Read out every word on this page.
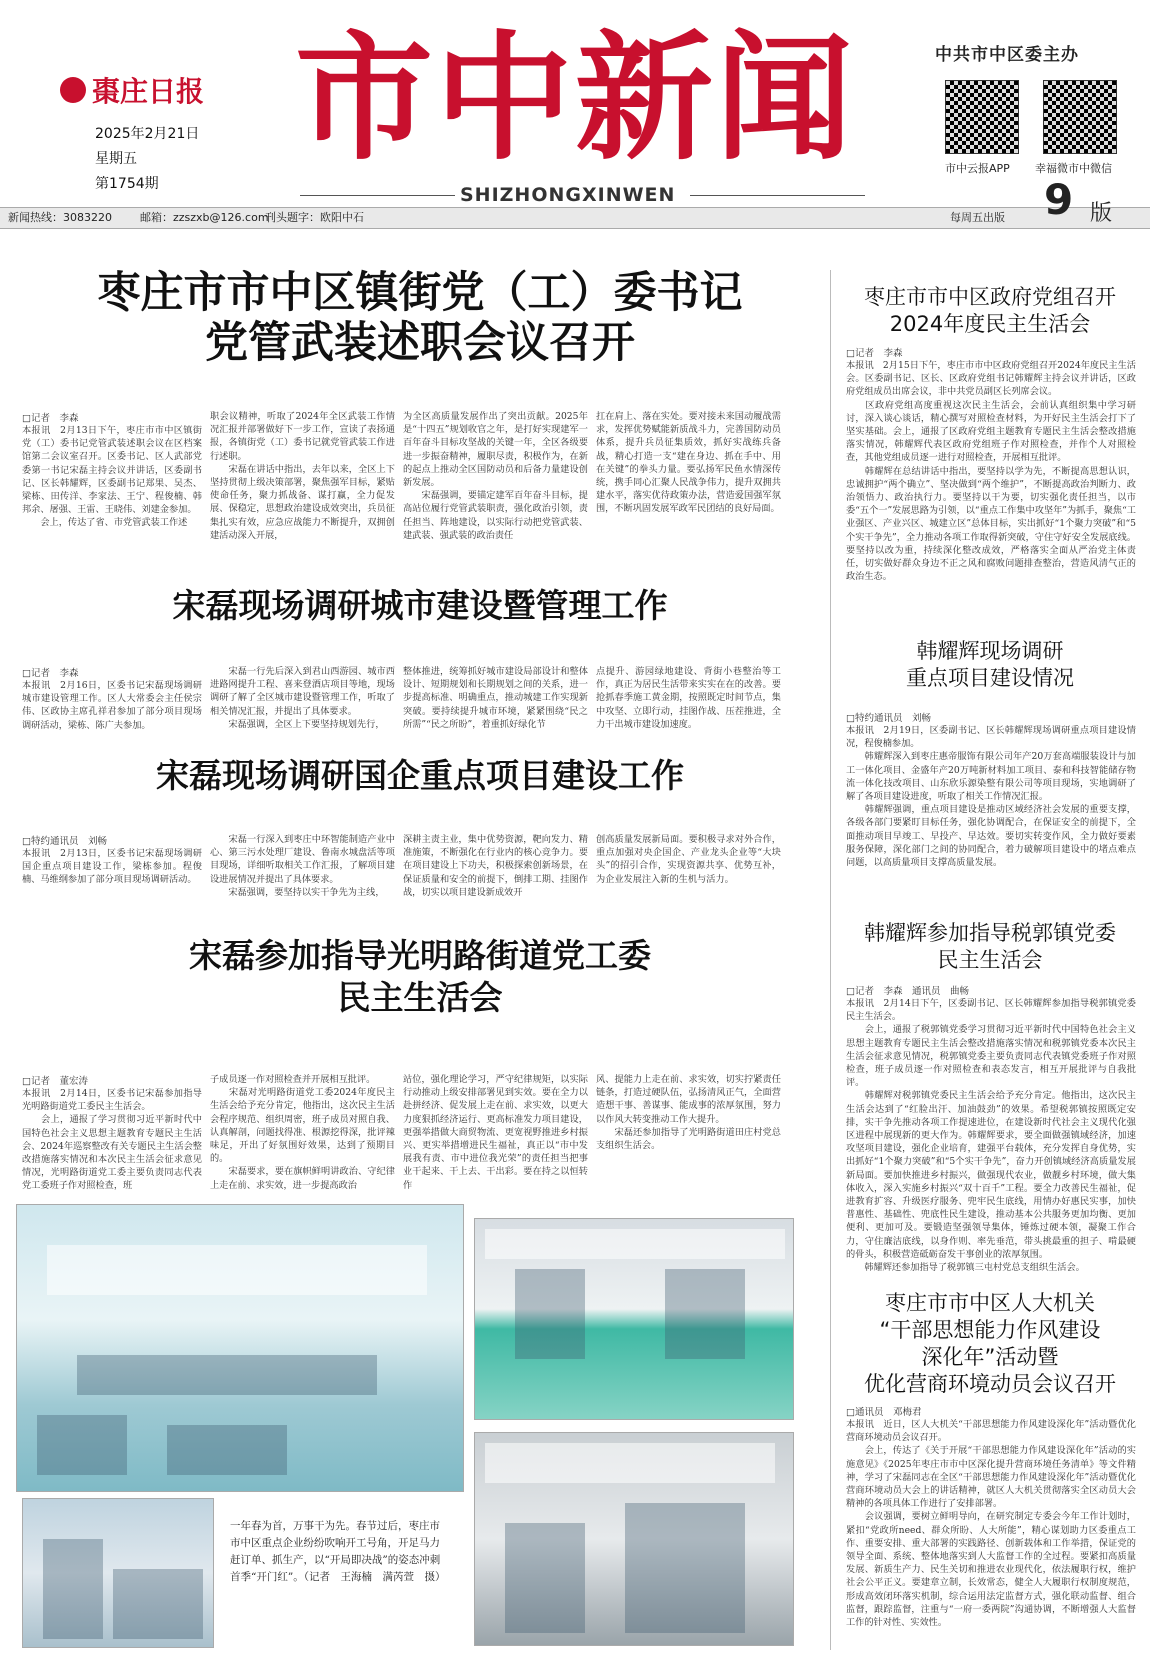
棗庄日报
2025年2月21日
星期五
第1754期
市中新闻
SHIZHONGXINWEN
中共市中区委主办
市中云报APP 幸福微市中微信
新闻热线：3083220	邮箱：zzszxb@126.com
刊头题字：欧阳中石	每周五出版 9 版
枣庄市市中区镇街党（工）委书记
党管武装述职会议召开
□记者　李森
本报讯　2月13日下午，枣庄市市中区镇街党（工）委书记党管武装述职会议在区档案馆第二会议室召开。区委书记、区人武部党委第一书记宋磊主持会议并讲话，区委副书记、区长韩耀辉，区委副书记郑果、吴杰、梁栋、田传洋、李家法、王宁、程俊楠、韩邦余、屠强、王雷、王晓伟、刘建金参加。
　　会上，传达了省、市党管武装工作述
职会议精神，听取了2024年全区武装工作情况汇报并部署做好下一步工作，宣读了表扬通报，各镇街党（工）委书记就党管武装工作进行述职。
　　宋磊在讲话中指出，去年以来，全区上下坚持贯彻上级决策部署，聚焦强军目标，紧贴使命任务，聚力抓战备、谋打赢，全力促发展、保稳定，思想政治建设成效突出，兵员征集扎实有效，应急应战能力不断提升，双拥创建活动深入开展，
为全区高质量发展作出了突出贡献。2025年是“十四五”规划收官之年，是打好实现建军一百年奋斗目标攻坚战的关键一年，全区各级要进一步振奋精神，履职尽责，积极作为，在新的起点上推动全区国防动员和后备力量建设创新发展。
　　宋磊强调，要锚定建军百年奋斗目标，提高站位履行党管武装职责，强化政治引领，责任担当、阵地建设，以实际行动把党管武装、建武装、强武装的政治责任
扛在肩上、落在实处。要对接未来国动履战需求，发挥优势赋能新质战斗力，完善国防动员体系，提升兵员征集质效，抓好实战练兵备战，精心打造一支“建在身边、抓在手中、用在关键”的拳头力量。要弘扬军民鱼水情深传统，携手同心汇聚人民战争伟力，提升双拥共建水平，落实优待政策办法，营造爱国强军氛围，不断巩固发展军政军民团结的良好局面。
宋磊现场调研城市建设暨管理工作
□记者　李森
本报讯　2月16日，区委书记宋磊现场调研城市建设管理工作。区人大常委会主任侯宗伟、区政协主席孔祥君参加了部分项目现场调研活动，梁栋、陈广夫参加。
　　宋磊一行先后深入到君山西游园、城市西进路网提升工程、喜来登酒店项目等地，现场调研了解了全区城市建设暨管理工作，听取了相关情况汇报，并提出了具体要求。
　　宋磊强调，全区上下要坚持规划先行，
整体推进，统筹抓好城市建设局部设计和整体设计、短期规划和长期规划之间的关系，进一步提高标准、明确重点，推动城建工作实现新突破。要持续提升城市环境，紧紧围绕“民之所需”“民之所盼”，着重抓好绿化节
点提升、游园绿地建设、背街小巷整治等工作，真正为居民生活带来实实在在的改善。要抢抓春季施工黄金期，按照既定时间节点，集中攻坚、立即行动，挂图作战、压茬推进，全力干出城市建设加速度。
宋磊现场调研国企重点项目建设工作
□特约通讯员　刘畅
本报讯　2月13日，区委书记宋磊现场调研国企重点项目建设工作，梁栋参加。程俊楠、马维纲参加了部分项目现场调研活动。
　　宋磊一行深入到枣庄中环智能制造产业中心、第三污水处理厂建设、鲁南水城盘活等项目现场，详细听取相关工作汇报，了解项目建设进展情况并提出了具体要求。
　　宋磊强调，要坚持以实干争先为主线，
深耕主责主业，集中优势资源，靶向发力、精准施策，不断强化在行业内的核心竞争力。要在项目建设上下功夫，积极探索创新场景，在保证质量和安全的前提下，倒排工期、挂图作战，切实以项目建设新成效开
创高质量发展新局面。要积极寻求对外合作，重点加强对央企国企、产业龙头企业等“大块头”的招引合作，实现资源共享、优势互补，为企业发展注入新的生机与活力。
宋磊参加指导光明路街道党工委
民主生活会
□记者　董宏涛
本报讯　2月14日，区委书记宋磊参加指导光明路街道党工委民主生活会。
　　会上，通报了学习贯彻习近平新时代中国特色社会主义思想主题教育专题民主生活会、2024年巡察整改有关专题民主生活会整改措施落实情况和本次民主生活会征求意见情况，光明路街道党工委主要负责同志代表党工委班子作对照检查，班
子成员逐一作对照检查并开展相互批评。
　　宋磊对光明路街道党工委2024年度民主生活会给予充分肯定，他指出，这次民主生活会程序规范、组织周密，班子成员对照自我、认真解剖，问题找得准、根源挖得深，批评辣味足，开出了好氛围好效果，达到了预期目的。
　　宋磊要求，要在旗帜鲜明讲政治、守纪律上走在前、求实效，进一步提高政治
站位，强化理论学习，严守纪律规矩，以实际行动推动上级安排部署见到实效。要在全力以赴拼经济、促发展上走在前、求实效，以更大力度狠抓经济运行、更高标准发力项目建设，更强举措做大商贸物流、更宽视野推进乡村振兴、更实举措增进民生福祉，真正以“市中发展我有责、市中进位我光荣”的责任担当把事业干起来、干上去、干出彩。要在持之以恒转作
风、提能力上走在前、求实效，切实拧紧责任链条，打造过硬队伍，弘扬清风正气，全面营造想干事、善谋事、能成事的浓厚氛围，努力以作风大转变推动工作大提升。
　　宋磊还参加指导了光明路街道田庄村党总支组织生活会。
一年春为首，万事干为先。春节过后，枣庄市市中区重点企业纷纷吹响开工号角，开足马力赶订单、抓生产，以“开局即决战”的姿态冲刺首季“开门红”。（记者　王海楠　满芮萱　摄）
枣庄市市中区政府党组召开
2024年度民主生活会
□记者　李森
本报讯　2月15日下午，枣庄市市中区政府党组召开2024年度民主生活会。区委副书记、区长、区政府党组书记韩耀辉主持会议并讲话，区政府党组成员出席会议，非中共党员副区长列席会议。
　　区政府党组高度重视这次民主生活会，会前认真组织集中学习研讨，深入谈心谈话，精心撰写对照检查材料，为开好民主生活会打下了坚实基础。会上，通报了区政府党组主题教育专题民主生活会整改措施落实情况，韩耀辉代表区政府党组班子作对照检查，并作个人对照检查，其他党组成员逐一进行对照检查，开展相互批评。
　　韩耀辉在总结讲话中指出，要坚持以学为先，不断提高思想认识，忠诚拥护“两个确立”、坚决做到“两个维护”，不断提高政治判断力、政治领悟力、政治执行力。要坚持以干为要，切实强化责任担当，以市委“五个一”发展思路为引领，以“重点工作集中攻坚年”为抓手，聚焦“工业强区、产业兴区、城建立区”总体目标，实出抓好“1个聚力突破”和“5个实干争先”，全力推动各项工作取得新突破，守住守好安全发展底线。要坚持以改为重，持续深化整改成效，严格落实全面从严治党主体责任，切实做好群众身边不正之风和腐败问题排查整治，营造风清气正的政治生态。
韩耀辉现场调研
重点项目建设情况
□特约通讯员　刘畅
本报讯　2月19日，区委副书记、区长韩耀辉现场调研重点项目建设情况，程俊楠参加。
　　韩耀辉深入到枣庄惠帝服饰有限公司年产20万套高端服装设计与加工一体化项目、金盛年产20万吨新材料加工项目、泰和科技智能储存物流一体化技改项目、山东欣乐源染整有限公司等项目现场，实地调研了解了各项目建设进度，听取了相关工作情况汇报。
　　韩耀辉强调，重点项目建设是推动区域经济社会发展的重要支撑，各级各部门要紧盯目标任务，强化协调配合，在保证安全的前提下，全面推动项目早竣工、早投产、早达效。要切实转变作风，全力做好要素服务保障，深化部门之间的协同配合，着力破解项目建设中的堵点难点问题，以高质量项目支撑高质量发展。
韩耀辉参加指导税郭镇党委
民主生活会
□记者　李森　通讯员　曲畅
本报讯　2月14日下午，区委副书记、区长韩耀辉参加指导税郭镇党委民主生活会。
　　会上，通报了税郭镇党委学习贯彻习近平新时代中国特色社会主义思想主题教育专题民主生活会整改措施落实情况和税郭镇党委本次民主生活会征求意见情况，税郭镇党委主要负责同志代表镇党委班子作对照检查，班子成员逐一作对照检查和表态发言，相互开展批评与自我批评。
　　韩耀辉对税郭镇党委民主生活会给予充分肯定。他指出，这次民主生活会达到了“红脸出汗、加油鼓劲”的效果。希望税郭镇按照既定安排，实干争先推动各项工作提速进位，在建设新时代社会主义现代化强区进程中展现新的更大作为。韩耀辉要求，要全面做强镇域经济，加速攻坚项目建设，强化企业培育，建强平台载体，充分发挥自身优势，实出抓好“1个聚力突破”和“5个实干争先”，奋力开创镇域经济高质量发展新局面。要加快推进乡村振兴，做强现代农业，做靓乡村环境，做大集体收入，深入实施乡村振兴“双十百千”工程。要全力改善民生福祉，促进教育扩容、升级医疗服务、兜牢民生底线，用情办好惠民实事，加快普惠性、基础性、兜底性民生建设，推动基本公共服务更加均衡、更加便利、更加可及。要锻造坚强领导集体，锤炼过硬本领，凝聚工作合力，守住廉洁底线，以身作则、率先垂范，带头挑最重的担子、啃最硬的骨头，积极营造砥砺奋发干事创业的浓厚氛围。
　　韩耀辉还参加指导了税郭镇三屯村党总支组织生活会。
枣庄市市中区人大机关
“干部思想能力作风建设
深化年”活动暨
优化营商环境动员会议召开
□通讯员　邓梅君
本报讯　近日，区人大机关“干部思想能力作风建设深化年”活动暨优化营商环境动员会议召开。
　　会上，传达了《关于开展“干部思想能力作风建设深化年”活动的实施意见》《2025年枣庄市市中区深化提升营商环境任务清单》等文件精神，学习了宋磊同志在全区“干部思想能力作风建设深化年”活动暨优化营商环境动员大会上的讲话精神，就区人大机关贯彻落实全区动员大会精神的各项具体工作进行了安排部署。
　　会议强调，要树立鲜明导向，在研究制定专委会今年工作计划时，紧扣“党政所need、群众所盼、人大所能”，精心谋划助力区委重点工作、重要安排、重大部署的实践路径、创新载体和工作举措，保证党的领导全面、系统、整体地落实到人大监督工作的全过程。要紧扣高质量发展、新质生产力、民生关切和推进农业现代化，依法履职行权，维护社会公平正义。要建章立制，长效常态，健全人大履职行权制度规范，形成高效闭环落实机制，综合运用法定监督方式，强化联动监督、组合监督，跟踪监督，注重与“一府一委两院”沟通协调，不断增强人大监督工作的针对性、实效性。
